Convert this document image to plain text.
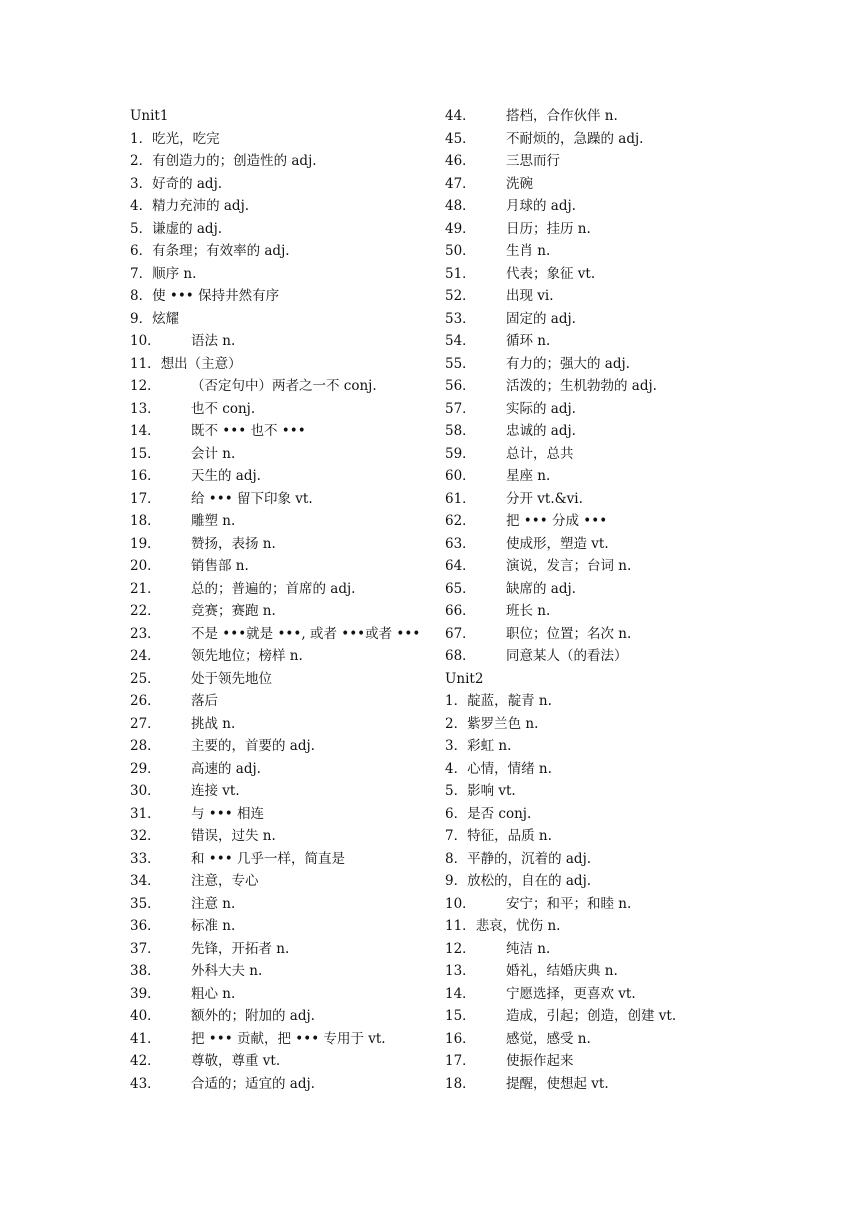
Unit1
1．吃光，吃完
2．有创造力的；创造性的 adj.
3．好奇的 adj.
4．精力充沛的 adj.
5．谦虚的 adj.
6．有条理；有效率的 adj.
7．顺序 n.
8．使 ••• 保持井然有序
9．炫耀
10． 语法 n.
11．想出（主意）
12． （否定句中）两者之一不 conj.
13． 也不 conj.
14． 既不 ••• 也不 •••
15． 会计 n.
16． 天生的 adj.
17． 给 ••• 留下印象 vt.
18． 雕塑 n.
19． 赞扬，表扬 n.
20． 销售部 n.
21． 总的；普遍的；首席的 adj.
22． 竞赛；赛跑 n.
23． 不是 •••就是 •••, 或者 •••或者 •••
24． 领先地位；榜样 n.
25． 处于领先地位
26． 落后
27． 挑战 n.
28． 主要的，首要的 adj.
29． 高速的 adj.
30． 连接 vt.
31． 与 ••• 相连
32． 错误，过失 n.
33． 和 ••• 几乎一样，简直是
34． 注意，专心
35． 注意 n.
36． 标准 n.
37． 先锋，开拓者 n.
38． 外科大夫 n.
39． 粗心 n.
40． 额外的；附加的 adj.
41． 把 ••• 贡献，把 ••• 专用于 vt.
42． 尊敬，尊重 vt.
43． 合适的；适宜的 adj.
44． 搭档，合作伙伴 n.
45． 不耐烦的，急躁的 adj.
46． 三思而行
47． 洗碗
48． 月球的 adj.
49． 日历；挂历 n.
50． 生肖 n.
51． 代表；象征 vt.
52． 出现 vi.
53． 固定的 adj.
54． 循环 n.
55． 有力的；强大的 adj.
56． 活泼的；生机勃勃的 adj.
57． 实际的 adj.
58． 忠诚的 adj.
59． 总计，总共
60． 星座 n.
61． 分开 vt.&vi.
62． 把 ••• 分成 •••
63． 使成形，塑造 vt.
64． 演说，发言；台词 n.
65． 缺席的 adj.
66． 班长 n.
67． 职位；位置；名次 n.
68． 同意某人（的看法）
Unit2
1．靛蓝，靛青 n.
2．紫罗兰色 n.
3．彩虹 n.
4．心情，情绪 n.
5．影响 vt.
6．是否 conj.
7．特征，品质 n.
8．平静的，沉着的 adj.
9．放松的，自在的 adj.
10． 安宁；和平；和睦 n.
11．悲哀，忧伤 n.
12． 纯洁 n.
13． 婚礼，结婚庆典 n.
14． 宁愿选择，更喜欢 vt.
15． 造成，引起；创造，创建 vt.
16． 感觉，感受 n.
17． 使振作起来
18． 提醒，使想起 vt.
